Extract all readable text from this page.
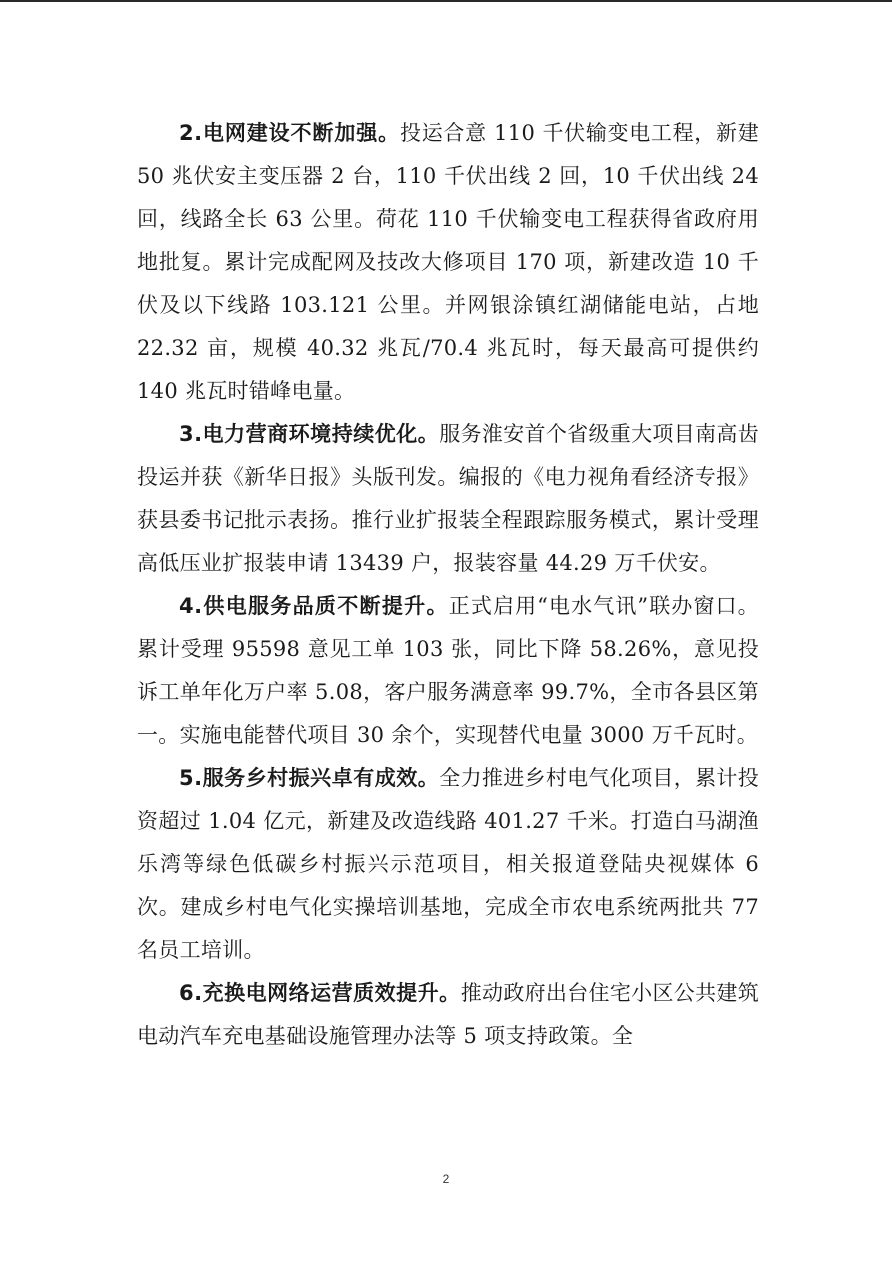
2.电网建设不断加强。投运合意 110 千伏输变电工程，新建 50 兆伏安主变压器 2 台，110 千伏出线 2 回，10 千伏出线 24 回，线路全长 63 公里。荷花 110 千伏输变电工程获得省政府用地批复。累计完成配网及技改大修项目 170 项，新建改造 10 千伏及以下线路 103.121 公里。并网银涂镇红湖储能电站，占地 22.32 亩，规模 40.32 兆瓦/70.4 兆瓦时，每天最高可提供约 140 兆瓦时错峰电量。

3.电力营商环境持续优化。服务淮安首个省级重大项目南高齿投运并获《新华日报》头版刊发。编报的《电力视角看经济专报》获县委书记批示表扬。推行业扩报装全程跟踪服务模式，累计受理高低压业扩报装申请 13439 户，报装容量 44.29 万千伏安。

4.供电服务品质不断提升。正式启用“电水气讯”联办窗口。累计受理 95598 意见工单 103 张，同比下降 58.26%，意见投诉工单年化万户率 5.08，客户服务满意率 99.7%，全市各县区第一。实施电能替代项目 30 余个，实现替代电量 3000 万千瓦时。

5.服务乡村振兴卓有成效。全力推进乡村电气化项目，累计投资超过 1.04 亿元，新建及改造线路 401.27 千米。打造白马湖渔乐湾等绿色低碳乡村振兴示范项目，相关报道登陆央视媒体 6 次。建成乡村电气化实操培训基地，完成全市农电系统两批共 77 名员工培训。

6.充换电网络运营质效提升。推动政府出台住宅小区公共建筑电动汽车充电基础设施管理办法等 5 项支持政策。全

2
